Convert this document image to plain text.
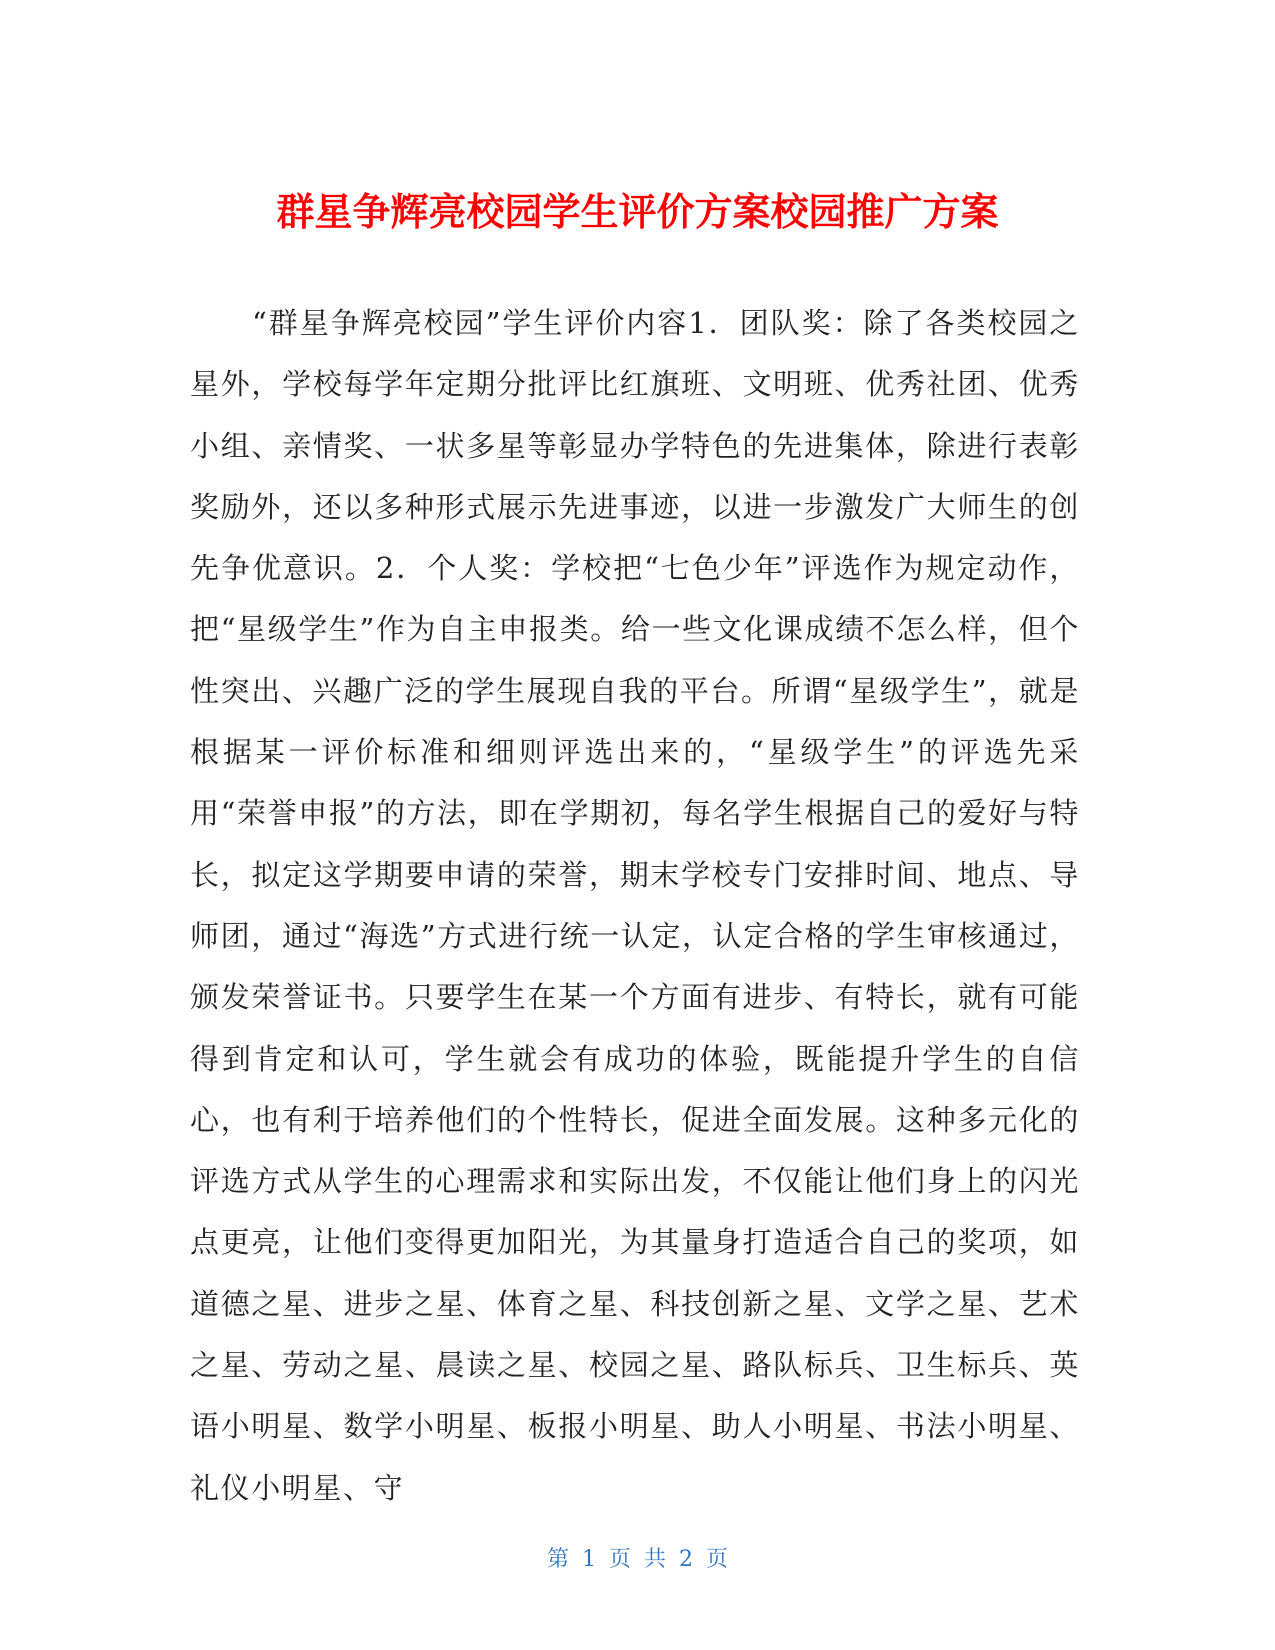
群星争辉亮校园学生评价方案校园推广方案

“群星争辉亮校园”学生评价内容1．团队奖：除了各类校园之星外，学校每学年定期分批评比红旗班、文明班、优秀社团、优秀小组、亲情奖、一状多星等彰显办学特色的先进集体，除进行表彰奖励外，还以多种形式展示先进事迹，以进一步激发广大师生的创先争优意识。2．个人奖：学校把“七色少年”评选作为规定动作，把“星级学生”作为自主申报类。给一些文化课成绩不怎么样，但个性突出、兴趣广泛的学生展现自我的平台。所谓“星级学生”，就是根据某一评价标准和细则评选出来的，“星级学生”的评选先采用“荣誉申报”的方法，即在学期初，每名学生根据自己的爱好与特长，拟定这学期要申请的荣誉，期末学校专门安排时间、地点、导师团，通过“海选”方式进行统一认定，认定合格的学生审核通过，颁发荣誉证书。只要学生在某一个方面有进步、有特长，就有可能得到肯定和认可，学生就会有成功的体验，既能提升学生的自信心，也有利于培养他们的个性特长，促进全面发展。这种多元化的评选方式从学生的心理需求和实际出发，不仅能让他们身上的闪光点更亮，让他们变得更加阳光，为其量身打造适合自己的奖项，如道德之星、进步之星、体育之星、科技创新之星、文学之星、艺术之星、劳动之星、晨读之星、校园之星、路队标兵、卫生标兵、英语小明星、数学小明星、板报小明星、助人小明星、书法小明星、礼仪小明星、守

第 1 页 共 2 页
